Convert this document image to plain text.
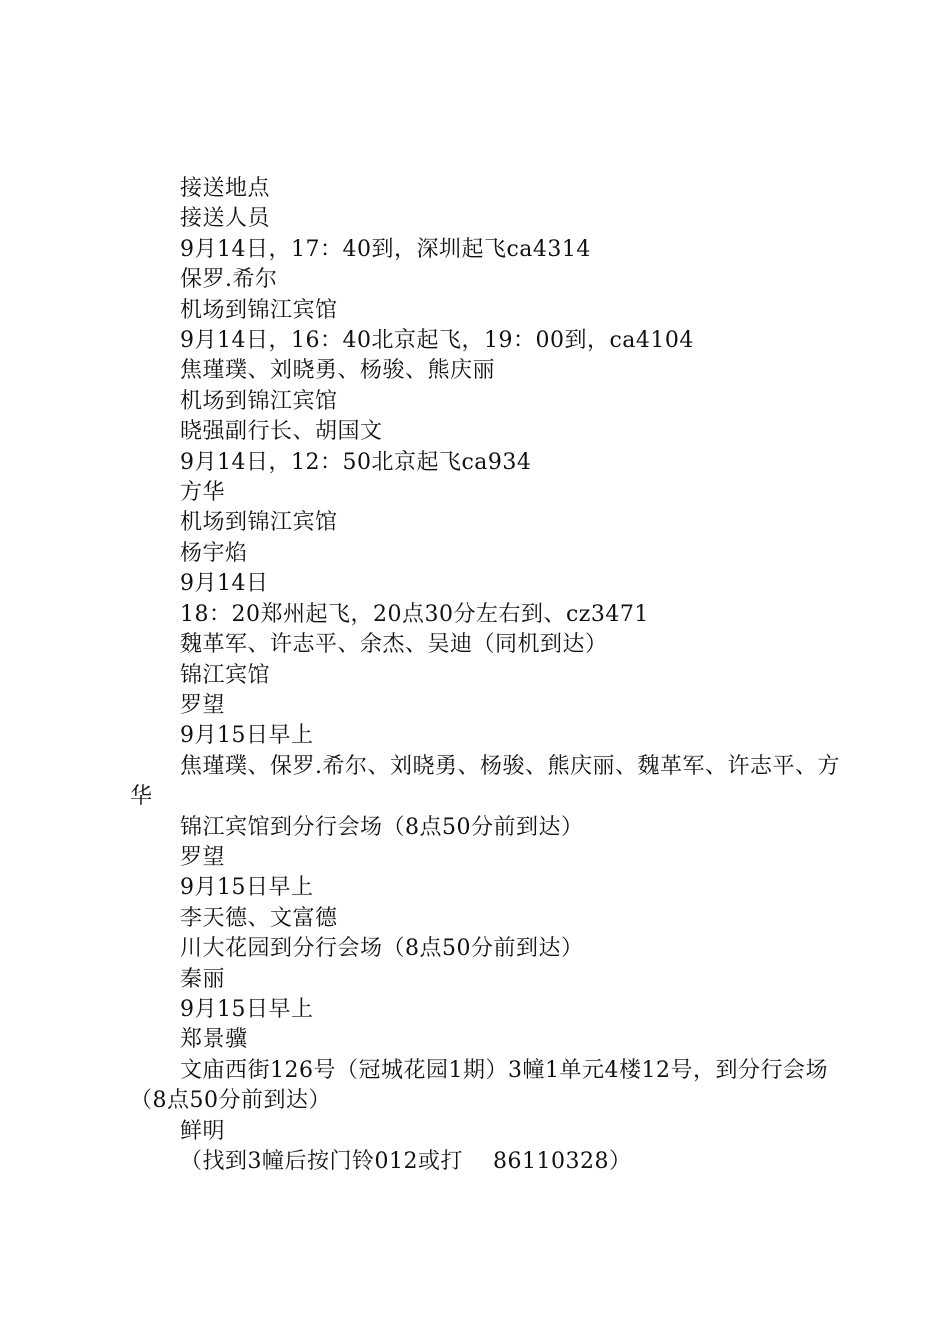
接送地点

接送人员

9月14日，17：40到，深圳起飞ca4314

保罗.希尔

机场到锦江宾馆

9月14日，16：40北京起飞，19：00到，ca4104

焦瑾璞、刘晓勇、杨骏、熊庆丽

机场到锦江宾馆

晓强副行长、胡国文

9月14日，12：50北京起飞ca934

方华

机场到锦江宾馆

杨宇焰

9月14日

18：20郑州起飞，20点30分左右到、cz3471

魏革军、许志平、余杰、吴迪（同机到达）

锦江宾馆

罗望

9月15日早上

焦瑾璞、保罗.希尔、刘晓勇、杨骏、熊庆丽、魏革军、许志平、方华

锦江宾馆到分行会场（8点50分前到达）

罗望

9月15日早上

李天德、文富德

川大花园到分行会场（8点50分前到达）

秦丽

9月15日早上

郑景骥

文庙西街126号（冠城花园1期）3幢1单元4楼12号，到分行会场（8点50分前到达）

鲜明

（找到3幢后按门铃012或打　 86110328）
